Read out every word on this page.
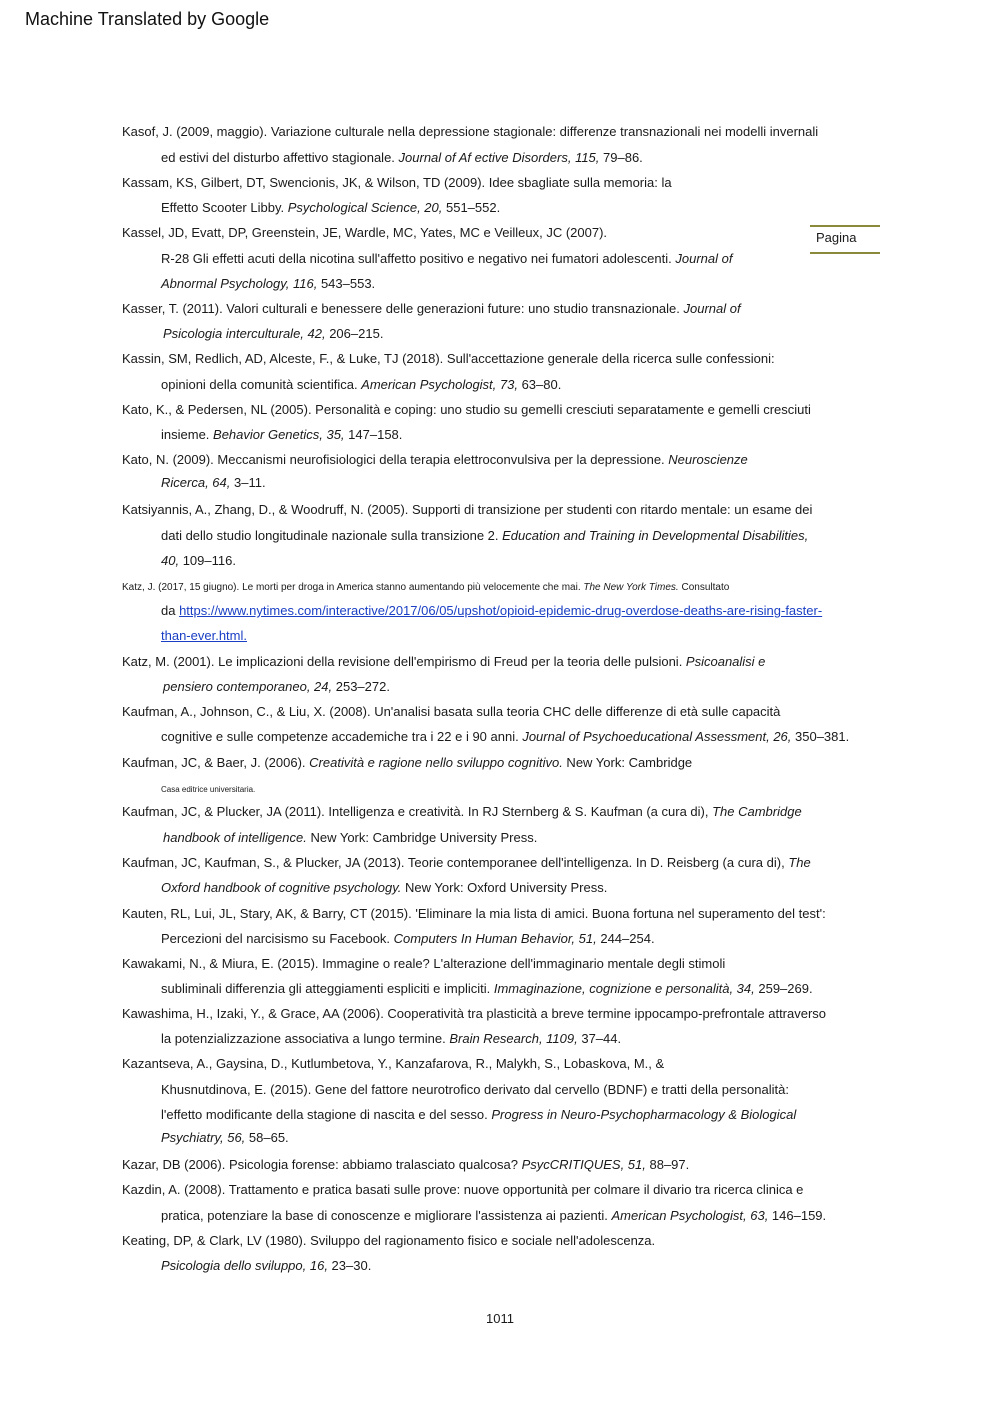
Machine Translated by Google
Pagina
Kasof, J. (2009, maggio). Variazione culturale nella depressione stagionale: differenze transnazionali nei modelli invernali
ed estivi del disturbo affettivo stagionale. Journal of Af ective Disorders, 115, 79–86.
Kassam, KS, Gilbert, DT, Swencionis, JK, & Wilson, TD (2009). Idee sbagliate sulla memoria: la
Effetto Scooter Libby. Psychological Science, 20, 551–552.
Kassel, JD, Evatt, DP, Greenstein, JE, Wardle, MC, Yates, MC e Veilleux, JC (2007).
R-28 Gli effetti acuti della nicotina sull'affetto positivo e negativo nei fumatori adolescenti. Journal of
Abnormal Psychology, 116, 543–553.
Kasser, T. (2011). Valori culturali e benessere delle generazioni future: uno studio transnazionale. Journal of
Psicologia interculturale, 42, 206–215.
Kassin, SM, Redlich, AD, Alceste, F., & Luke, TJ (2018). Sull'accettazione generale della ricerca sulle confessioni:
opinioni della comunità scientifica. American Psychologist, 73, 63–80.
Kato, K., & Pedersen, NL (2005). Personalità e coping: uno studio su gemelli cresciuti separatamente e gemelli cresciuti
insieme. Behavior Genetics, 35, 147–158.
Kato, N. (2009). Meccanismi neurofisiologici della terapia elettroconvulsiva per la depressione. Neuroscienze
Ricerca, 64, 3–11.
Katsiyannis, A., Zhang, D., & Woodruff, N. (2005). Supporti di transizione per studenti con ritardo mentale: un esame dei
dati dello studio longitudinale nazionale sulla transizione 2. Education and Training in Developmental Disabilities,
40, 109–116.
Katz, J. (2017, 15 giugno). Le morti per droga in America stanno aumentando più velocemente che mai. The New York Times. Consultato
da https://www.nytimes.com/interactive/2017/06/05/upshot/opioid-epidemic-drug-overdose-deaths-are-rising-faster-
than-ever.html.
Katz, M. (2001). Le implicazioni della revisione dell'empirismo di Freud per la teoria delle pulsioni. Psicoanalisi e
pensiero contemporaneo, 24, 253–272.
Kaufman, A., Johnson, C., & Liu, X. (2008). Un'analisi basata sulla teoria CHC delle differenze di età sulle capacità
cognitive e sulle competenze accademiche tra i 22 e i 90 anni. Journal of Psychoeducational Assessment, 26, 350–381.
Kaufman, JC, & Baer, J. (2006). Creatività e ragione nello sviluppo cognitivo. New York: Cambridge
Casa editrice universitaria.
Kaufman, JC, & Plucker, JA (2011). Intelligenza e creatività. In RJ Sternberg & S. Kaufman (a cura di), The Cambridge
handbook of intelligence. New York: Cambridge University Press.
Kaufman, JC, Kaufman, S., & Plucker, JA (2013). Teorie contemporanee dell'intelligenza. In D. Reisberg (a cura di), The
Oxford handbook of cognitive psychology. New York: Oxford University Press.
Kauten, RL, Lui, JL, Stary, AK, & Barry, CT (2015). 'Eliminare la mia lista di amici. Buona fortuna nel superamento del test':
Percezioni del narcisismo su Facebook. Computers In Human Behavior, 51, 244–254.
Kawakami, N., & Miura, E. (2015). Immagine o reale? L'alterazione dell'immaginario mentale degli stimoli
subliminali differenzia gli atteggiamenti espliciti e impliciti. Immaginazione, cognizione e personalità, 34, 259–269.
Kawashima, H., Izaki, Y., & Grace, AA (2006). Cooperatività tra plasticità a breve termine ippocampo-prefrontale attraverso
la potenzializzazione associativa a lungo termine. Brain Research, 1109, 37–44.
Kazantseva, A., Gaysina, D., Kutlumbetova, Y., Kanzafarova, R., Malykh, S., Lobaskova, M., &
Khusnutdinova, E. (2015). Gene del fattore neurotrofico derivato dal cervello (BDNF) e tratti della personalità:
l'effetto modificante della stagione di nascita e del sesso. Progress in Neuro-Psychopharmacology & Biological
Psychiatry, 56, 58–65.
Kazar, DB (2006). Psicologia forense: abbiamo tralasciato qualcosa? PsycCRITIQUES, 51, 88–97.
Kazdin, A. (2008). Trattamento e pratica basati sulle prove: nuove opportunità per colmare il divario tra ricerca clinica e
pratica, potenziare la base di conoscenze e migliorare l'assistenza ai pazienti. American Psychologist, 63, 146–159.
Keating, DP, & Clark, LV (1980). Sviluppo del ragionamento fisico e sociale nell'adolescenza.
Psicologia dello sviluppo, 16, 23–30.
1011
